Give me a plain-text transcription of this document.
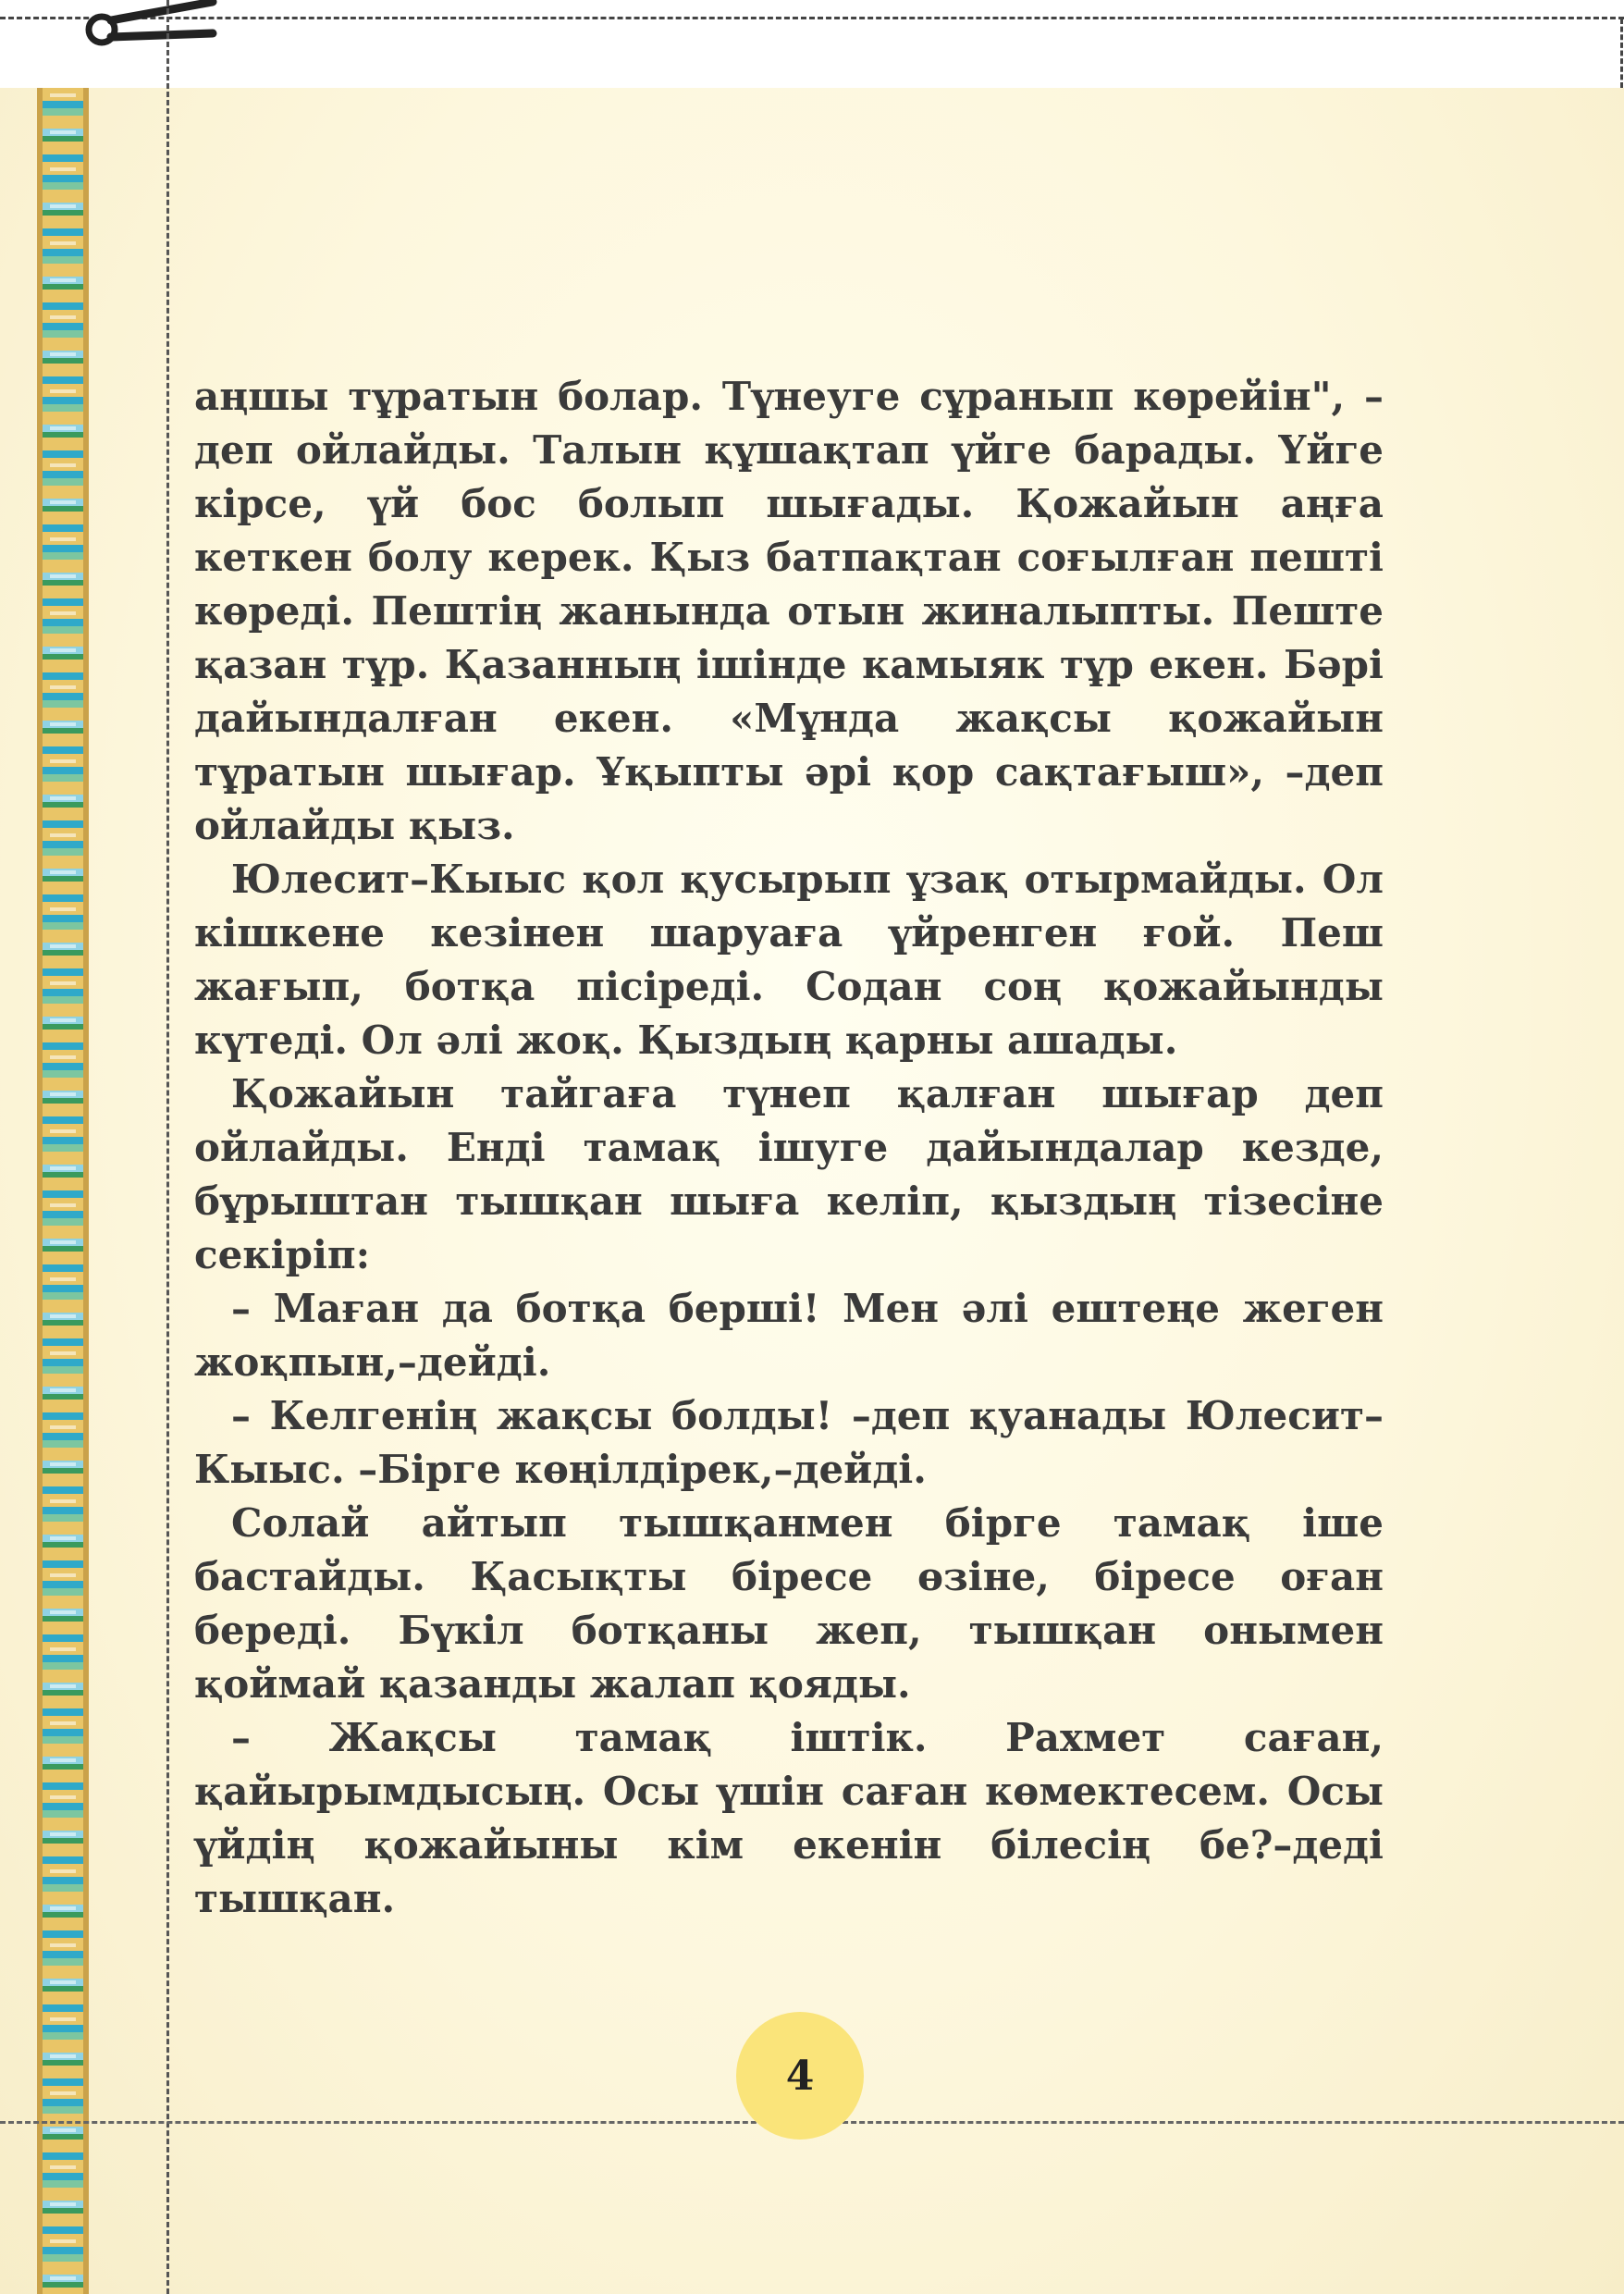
аңшы тұратын болар. Түнеуге сұранып көрейін", – деп ойлайды. Талын құшақтап үйге барады. Үйге кірсе, үй бос болып шығады. Қожайын аңға кеткен болу керек. Қыз батпақтан соғылған пешті көреді. Пештің жанында отын жиналыпты. Пеште қазан тұр. Қазанның ішінде камыяк тұр екен. Бәрі дайындалған екен. «Мұнда жақсы қожайын тұратын шығар. Ұқыпты әрі қор сақтағыш», –деп ойлайды қыз.

Юлесит–Кыыс қол қусырып ұзақ отырмайды. Ол кішкене кезінен шаруаға үйренген ғой. Пеш жағып, ботқа пісіреді. Содан соң қожайынды күтеді. Ол әлі жоқ. Қыздың қарны ашады.

Қожайын тайгаға түнеп қалған шығар деп ойлайды. Енді тамақ ішуге дайындалар кезде, бұрыштан тышқан шыға келіп, қыздың тізесіне секіріп:

– Маған да ботқа берші! Мен әлі ештеңе жеген жоқпын,–дейді.

– Келгенің жақсы болды! –деп қуанады Юлесит–Кыыс. –Бірге көңілдірек,–дейді.

Солай айтып тышқанмен бірге тамақ іше бастайды. Қасықты біресе өзіне, біресе оған береді. Бүкіл ботқаны жеп, тышқан онымен қоймай қазанды жалап қояды.

– Жақсы тамақ іштік. Рахмет саған, қайырымдысың. Осы үшін саған көмектесем. Осы үйдің қожайыны кім екенін білесің бе?–деді тышқан.

4
